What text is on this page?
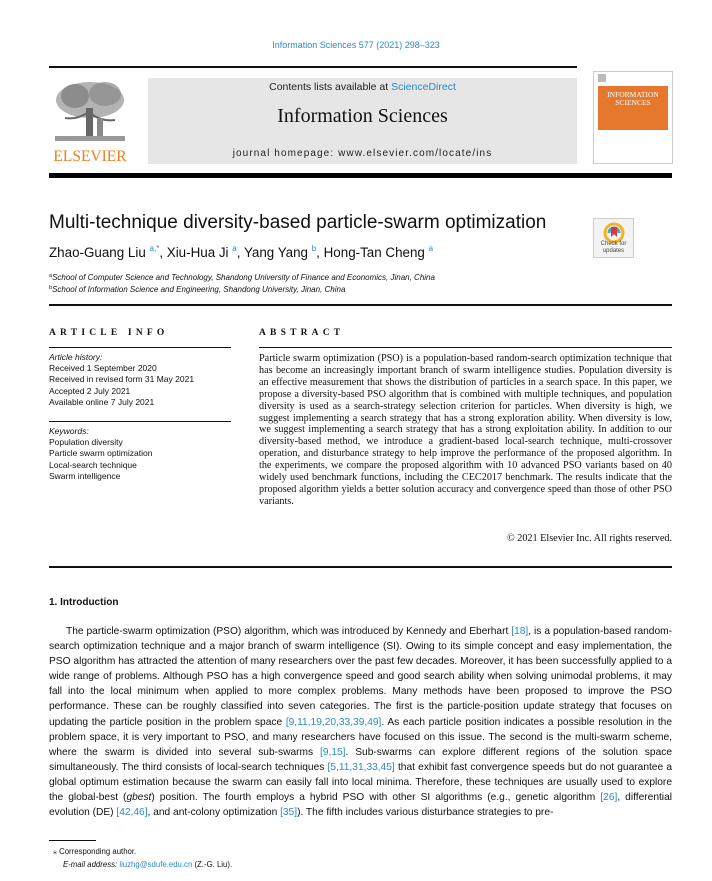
Information Sciences 577 (2021) 298–323
ELSEVIER
Contents lists available at ScienceDirect
Information Sciences
journal homepage: www.elsevier.com/locate/ins
INFORMATION
SCIENCES
Multi-technique diversity-based particle-swarm optimization
Check for
updates
Zhao-Guang Liu $^{a,*}$, Xiu-Hua Ji $^a$, Yang Yang $^b$, Hong-Tan Cheng $^a$
$^a$School of Computer Science and Technology, Shandong University of Finance and Economics, Jinan, China
$^b$School of Information Science and Engineering, Shandong University, Jinan, China
ARTICLE INFO
Article history:
Received 1 September 2020
Received in revised form 31 May 2021
Accepted 2 July 2021
Available online 7 July 2021
Keywords:
Population diversity
Particle swarm optimization
Local-search technique
Swarm intelligence
ABSTRACT
Particle swarm optimization (PSO) is a population-based random-search optimization technique that has become an increasingly important branch of swarm intelligence studies. Population diversity is an effective measurement that shows the distribution of particles in a search space. In this paper, we propose a diversity-based PSO algorithm that is combined with multiple techniques, and population diversity is used as a search-strategy selection criterion for particles. When diversity is high, we suggest implementing a search strategy that has a strong exploration ability. When diversity is low, we suggest implementing a search strategy that has a strong exploitation ability. In addition to our diversity-based method, we introduce a gradient-based local-search technique, multi-crossover operation, and disturbance strategy to help improve the performance of the proposed algorithm. In the experiments, we compare the proposed algorithm with 10 advanced PSO variants based on 40 widely used benchmark functions, including the CEC2017 benchmark. The results indicate that the proposed algorithm yields a better solution accuracy and convergence speed than those of other PSO variants.
© 2021 Elsevier Inc. All rights reserved.
1. Introduction

The particle-swarm optimization (PSO) algorithm, which was introduced by Kennedy and Eberhart [18], is a population-based random-search optimization technique and a major branch of swarm intelligence (SI). Owing to its simple concept and easy implementation, the PSO algorithm has attracted the attention of many researchers over the past few decades. Moreover, it has been successfully applied to a wide range of problems. Although PSO has a high convergence speed and good search ability when solving unimodal problems, it may fall into the local minimum when applied to more complex problems. Many methods have been proposed to improve the PSO performance. These can be roughly classified into seven categories. The first is the particle-position update strategy that focuses on updating the particle position in the problem space [9,11,19,20,33,39,49]. As each particle position indicates a possible resolution in the problem space, it is very important to PSO, and many researchers have focused on this issue. The second is the multi-swarm scheme, where the swarm is divided into several sub-swarms [9,15]. Sub-swarms can explore different regions of the solution space simultaneously. The third consists of local-search techniques [5,11,31,33,45] that exhibit fast convergence speeds but do not guarantee a global optimum estimation because the swarm can easily fall into local minima. Therefore, these techniques are usually used to explore the global-best (gbest) position. The fourth employs a hybrid PSO with other SI algorithms (e.g., genetic algorithm [26], differential evolution (DE) [42,46], and ant-colony optimization [35]). The fifth includes various disturbance strategies to pre-

⁎ Corresponding author.
E-mail address: liuzhg@sdufe.edu.cn (Z.-G. Liu).
